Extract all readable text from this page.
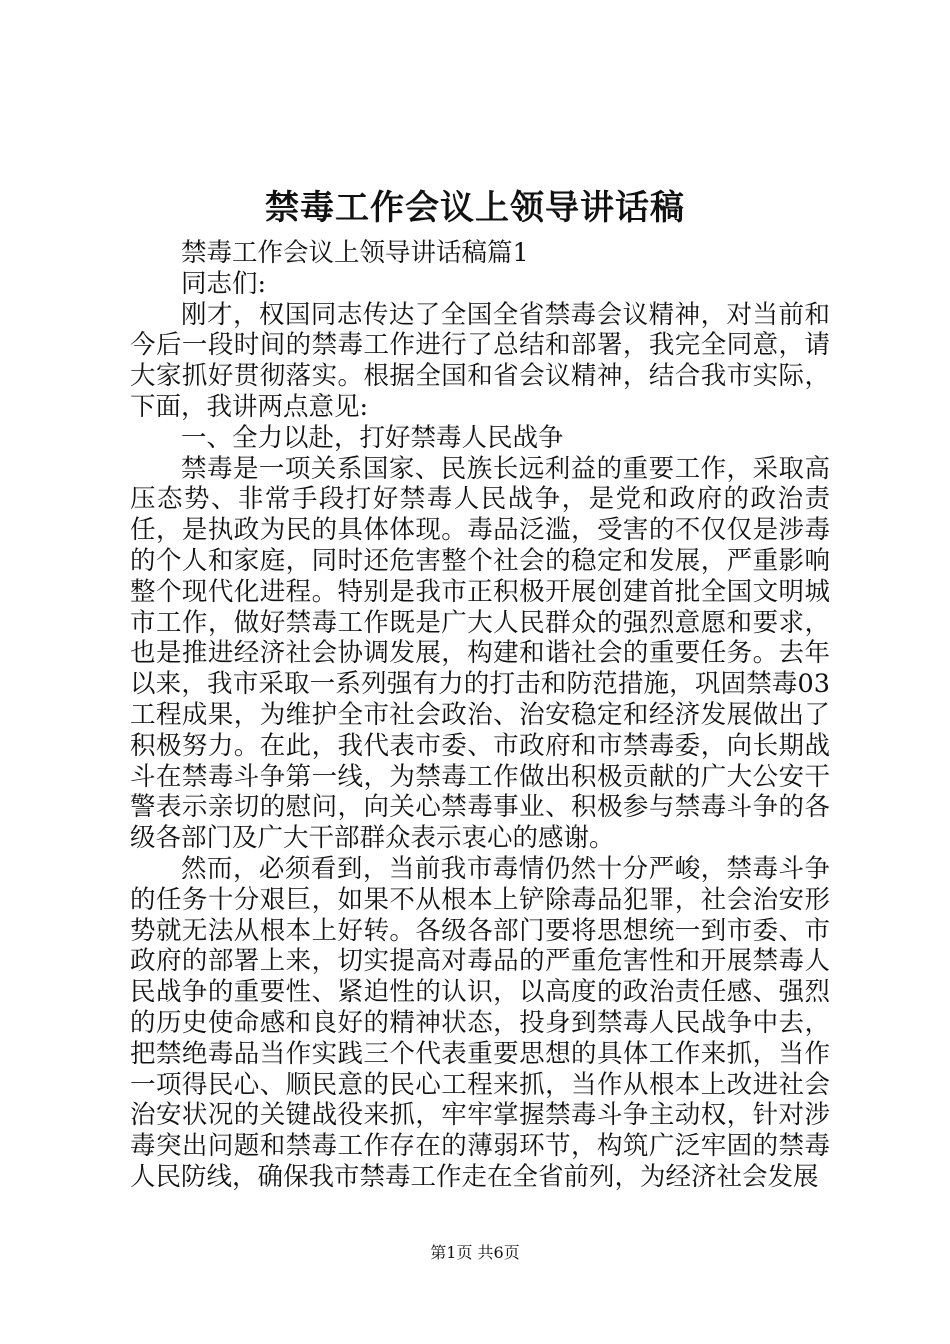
禁毒工作会议上领导讲话稿

禁毒工作会议上领导讲话稿篇1

同志们:

刚才，权国同志传达了全国全省禁毒会议精神，对当前和今后一段时间的禁毒工作进行了总结和部署，我完全同意，请大家抓好贯彻落实。根据全国和省会议精神，结合我市实际，下面，我讲两点意见:

一、全力以赴，打好禁毒人民战争

禁毒是一项关系国家、民族长远利益的重要工作，采取高压态势、非常手段打好禁毒人民战争，是党和政府的政治责任，是执政为民的具体体现。毒品泛滥，受害的不仅仅是涉毒的个人和家庭，同时还危害整个社会的稳定和发展，严重影响整个现代化进程。特别是我市正积极开展创建首批全国文明城市工作，做好禁毒工作既是广大人民群众的强烈意愿和要求，也是推进经济社会协调发展，构建和谐社会的重要任务。去年以来，我市采取一系列强有力的打击和防范措施，巩固禁毒03工程成果，为维护全市社会政治、治安稳定和经济发展做出了积极努力。在此，我代表市委、市政府和市禁毒委，向长期战斗在禁毒斗争第一线，为禁毒工作做出积极贡献的广大公安干警表示亲切的慰问，向关心禁毒事业、积极参与禁毒斗争的各级各部门及广大干部群众表示衷心的感谢。

然而，必须看到，当前我市毒情仍然十分严峻，禁毒斗争的任务十分艰巨，如果不从根本上铲除毒品犯罪，社会治安形势就无法从根本上好转。各级各部门要将思想统一到市委、市政府的部署上来，切实提高对毒品的严重危害性和开展禁毒人民战争的重要性、紧迫性的认识，以高度的政治责任感、强烈的历史使命感和良好的精神状态，投身到禁毒人民战争中去，把禁绝毒品当作实践三个代表重要思想的具体工作来抓，当作一项得民心、顺民意的民心工程来抓，当作从根本上改进社会治安状况的关键战役来抓，牢牢掌握禁毒斗争主动权，针对涉毒突出问题和禁毒工作存在的薄弱环节，构筑广泛牢固的禁毒人民防线，确保我市禁毒工作走在全省前列，为经济社会发展

第1页 共6页
